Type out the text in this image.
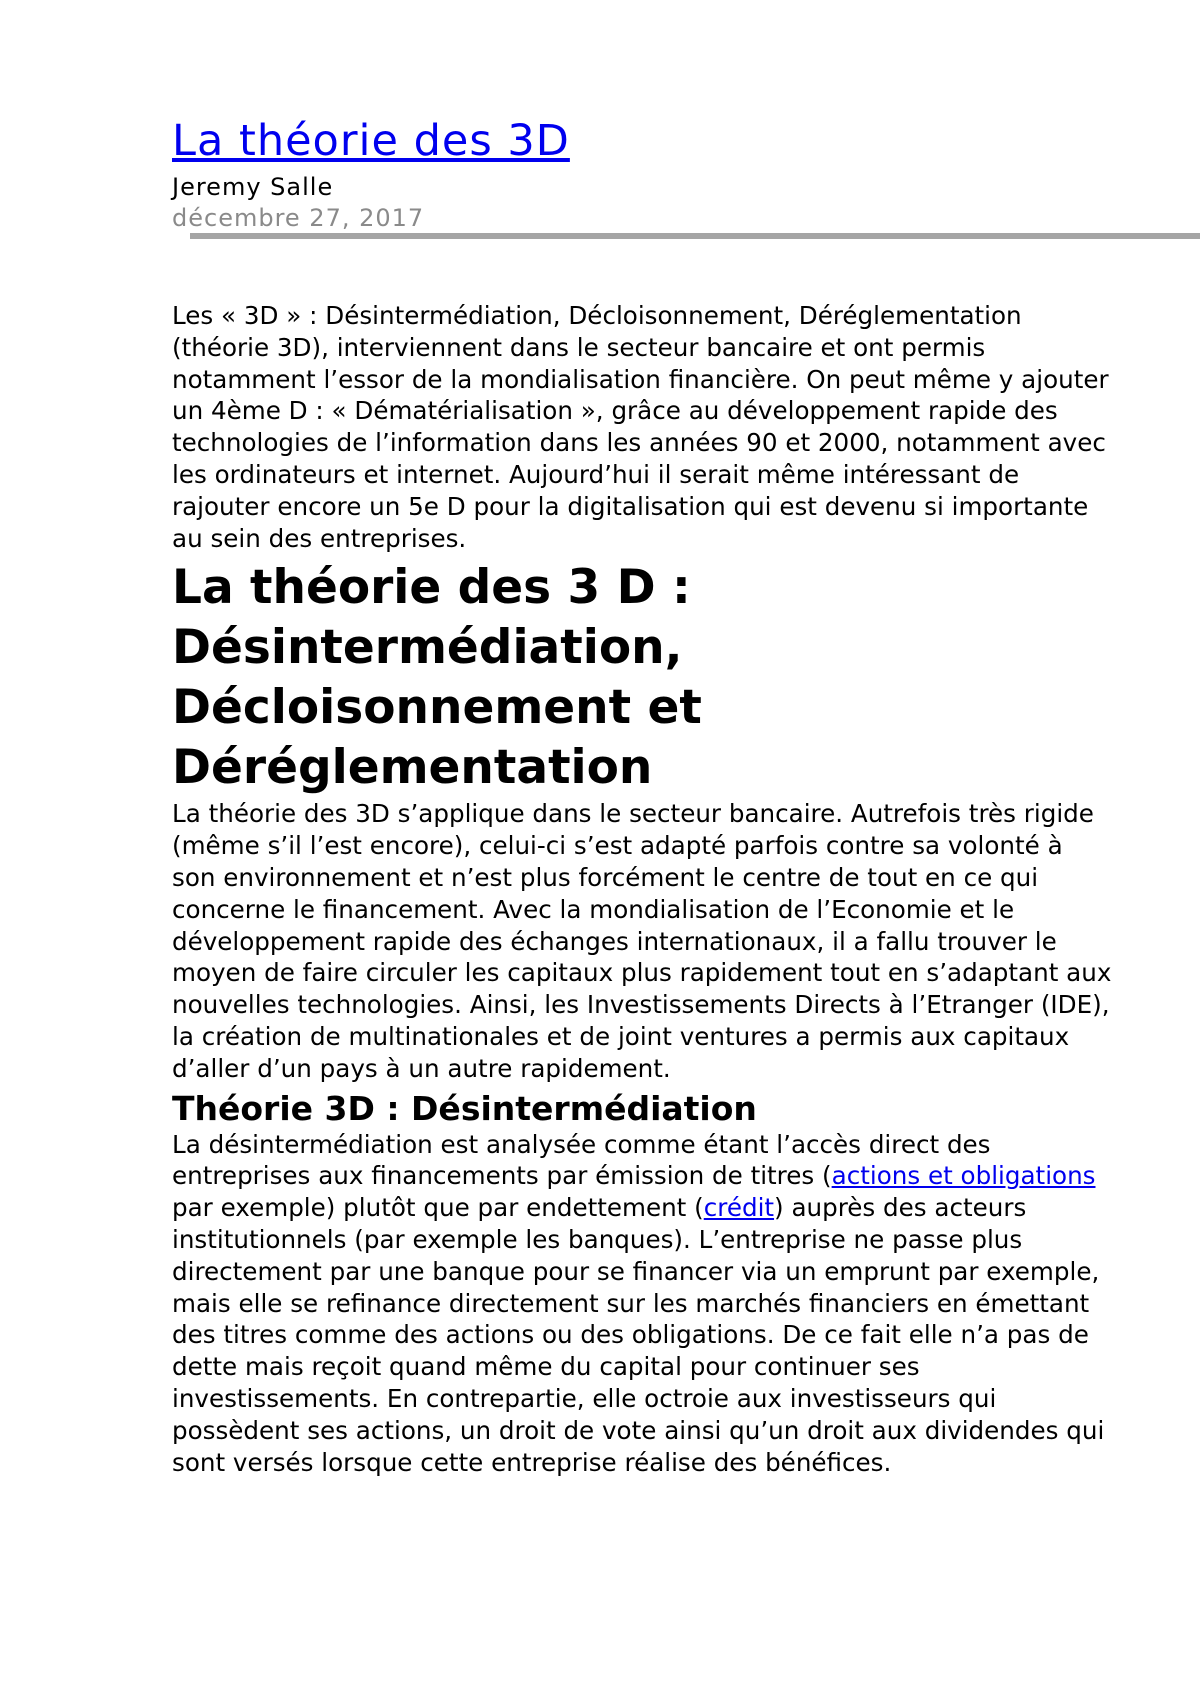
La théorie des 3D
Jeremy Salle
décembre 27, 2017

Les « 3D » : Désintermédiation, Décloisonnement, Déréglementation (théorie 3D), interviennent dans le secteur bancaire et ont permis notamment l’essor de la mondialisation financière. On peut même y ajouter un 4ème D : « Dématérialisation », grâce au développement rapide des technologies de l’information dans les années 90 et 2000, notamment avec les ordinateurs et internet. Aujourd’hui il serait même intéressant de rajouter encore un 5e D pour la digitalisation qui est devenu si importante au sein des entreprises.

La théorie des 3 D : Désintermédiation, Décloisonnement et Déréglementation

La théorie des 3D s’applique dans le secteur bancaire. Autrefois très rigide (même s’il l’est encore), celui-ci s’est adapté parfois contre sa volonté à son environnement et n’est plus forcément le centre de tout en ce qui concerne le financement. Avec la mondialisation de l’Economie et le développement rapide des échanges internationaux, il a fallu trouver le moyen de faire circuler les capitaux plus rapidement tout en s’adaptant aux nouvelles technologies. Ainsi, les Investissements Directs à l’Etranger (IDE), la création de multinationales et de joint ventures a permis aux capitaux d’aller d’un pays à un autre rapidement.

Théorie 3D : Désintermédiation

La désintermédiation est analysée comme étant l’accès direct des entreprises aux financements par émission de titres (actions et obligations par exemple) plutôt que par endettement (crédit) auprès des acteurs institutionnels (par exemple les banques). L’entreprise ne passe plus directement par une banque pour se financer via un emprunt par exemple, mais elle se refinance directement sur les marchés financiers en émettant des titres comme des actions ou des obligations. De ce fait elle n’a pas de dette mais reçoit quand même du capital pour continuer ses investissements. En contrepartie, elle octroie aux investisseurs qui possèdent ses actions, un droit de vote ainsi qu’un droit aux dividendes qui sont versés lorsque cette entreprise réalise des bénéfices.
